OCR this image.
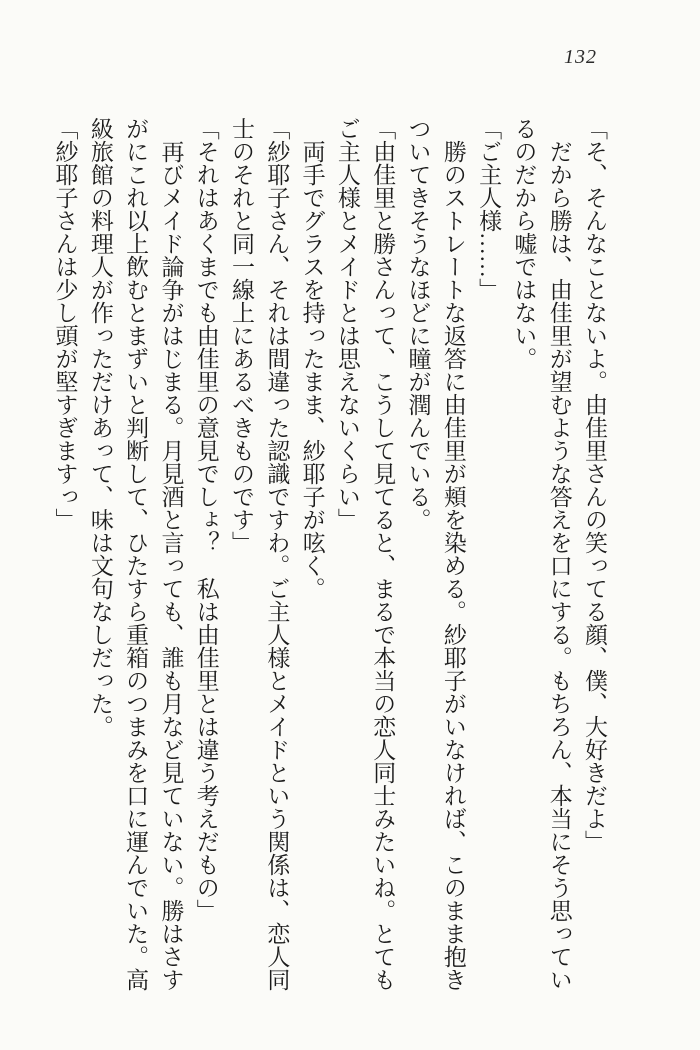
132

「そ、そんなことないよ。由佳里さんの笑ってる顔、僕、大好きだよ」

だから勝は、由佳里が望むような答えを口にする。もちろん、本当にそう思っているのだから嘘ではない。

「ご主人様……」

勝のストレートな返答に由佳里が頬を染める。紗耶子がいなければ、このまま抱きついてきそうなほどに瞳が潤んでいる。

「由佳里と勝さんって、こうして見てると、まるで本当の恋人同士みたいね。とてもご主人様とメイドとは思えないくらい」

両手でグラスを持ったまま、紗耶子が呟く。

「紗耶子さん、それは間違った認識ですわ。ご主人様とメイドという関係は、恋人同士のそれと同一線上にあるべきものです」

「それはあくまでも由佳里の意見でしょ？　私は由佳里とは違う考えだもの」

再びメイド論争がはじまる。月見酒と言っても、誰も月など見ていない。勝はさすがにこれ以上飲むとまずいと判断して、ひたすら重箱のつまみを口に運んでいた。高級旅館の料理人が作っただけあって、味は文句なしだった。

「紗耶子さんは少し頭が堅すぎますっ」
